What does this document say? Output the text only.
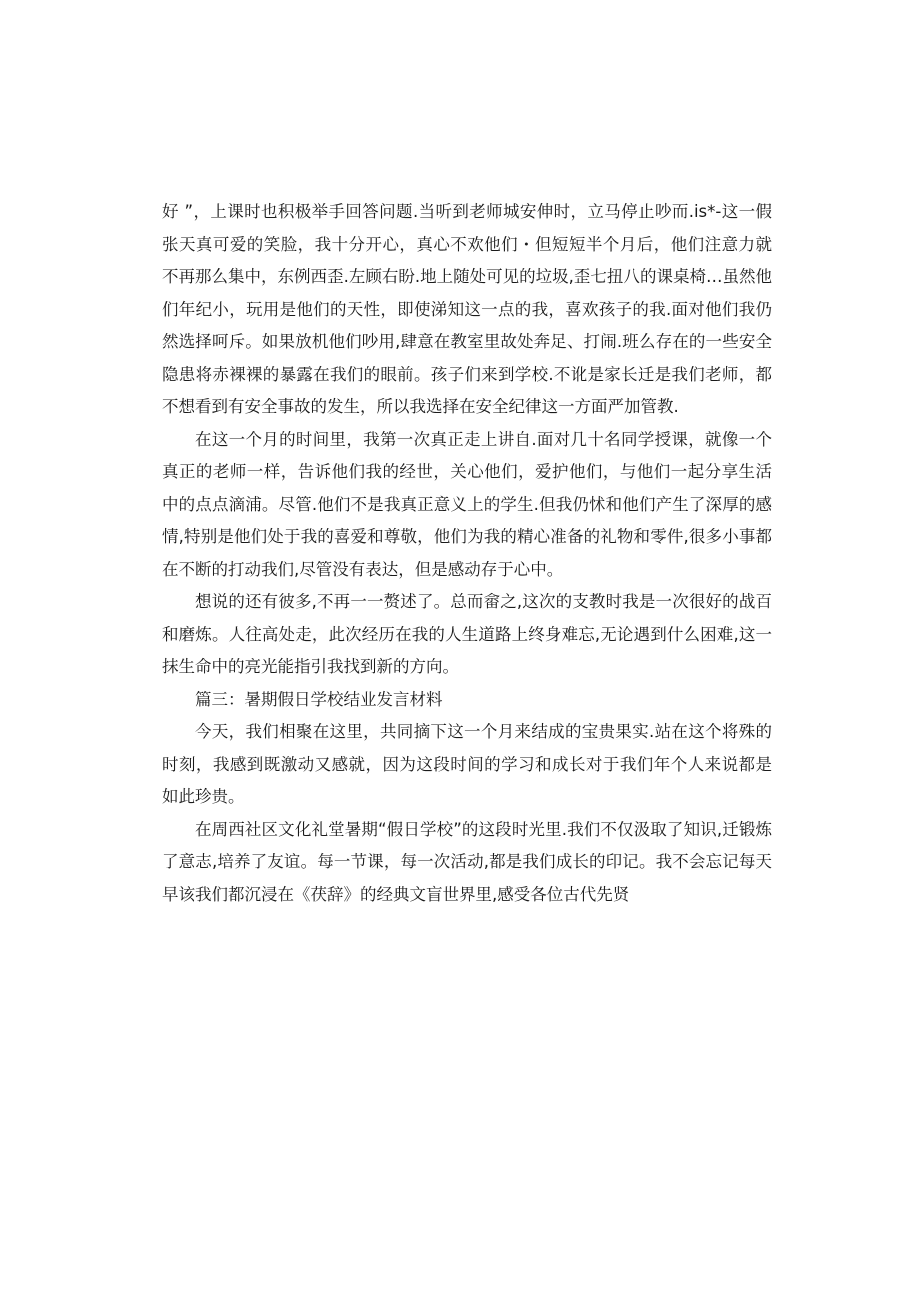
好 ”，上课时也积极举手回答问题.当听到老师城安伸时，立马停止吵而.is*-这一假张天真可爱的笑脸，我十分开心，真心不欢他们・但短短半个月后，他们注意力就不再那么集中，东例西歪.左顾右盼.地上随处可见的垃圾,歪七扭八的课桌椅…虽然他们年纪小，玩用是他们的天性，即使涕知这一点的我，喜欢孩子的我.面对他们我仍然选择呵斥。如果放机他们吵用,肆意在教室里故处奔足、打闹.班么存在的一些安全隐患将赤裸裸的暴露在我们的眼前。孩子们来到学校.不讹是家长迁是我们老师，都不想看到有安全事故的发生，所以我选择在安全纪律这一方面严加管教.

在这一个月的时间里，我第一次真正走上讲自.面对几十名同学授课，就像一个真正的老师一样，告诉他们我的经世，关心他们，爱护他们，与他们一起分享生活中的点点滴浦。尽管.他们不是我真正意义上的学生.但我仍怵和他们产生了深厚的感情,特别是他们处于我的喜爱和尊敬，他们为我的精心准备的礼物和零件,很多小事都在不断的打动我们,尽管没有表达，但是感动存于心中。

想说的还有彼多,不再一一赘述了。总而畲之,这次的支教时我是一次很好的战百和磨炼。人往高处走，此次经历在我的人生道路上终身难忘,无论遇到什么困难,这一抹生命中的亮光能指引我找到新的方向。

篇三：暑期假日学校结业发言材料

今天，我们相聚在这里，共同摘下这一个月来结成的宝贵果实.站在这个将殊的时刻，我感到既激动又感就，因为这段时间的学习和成长对于我们年个人来说都是如此珍贵。

在周西社区文化礼堂暑期“假日学校”的这段时光里.我们不仅汲取了知识,迁锻炼了意志,培养了友谊。每一节课，每一次活动,都是我们成长的印记。我不会忘记每天早该我们都沉浸在《茯辞》的经典文盲世界里,感受各位古代先贤
